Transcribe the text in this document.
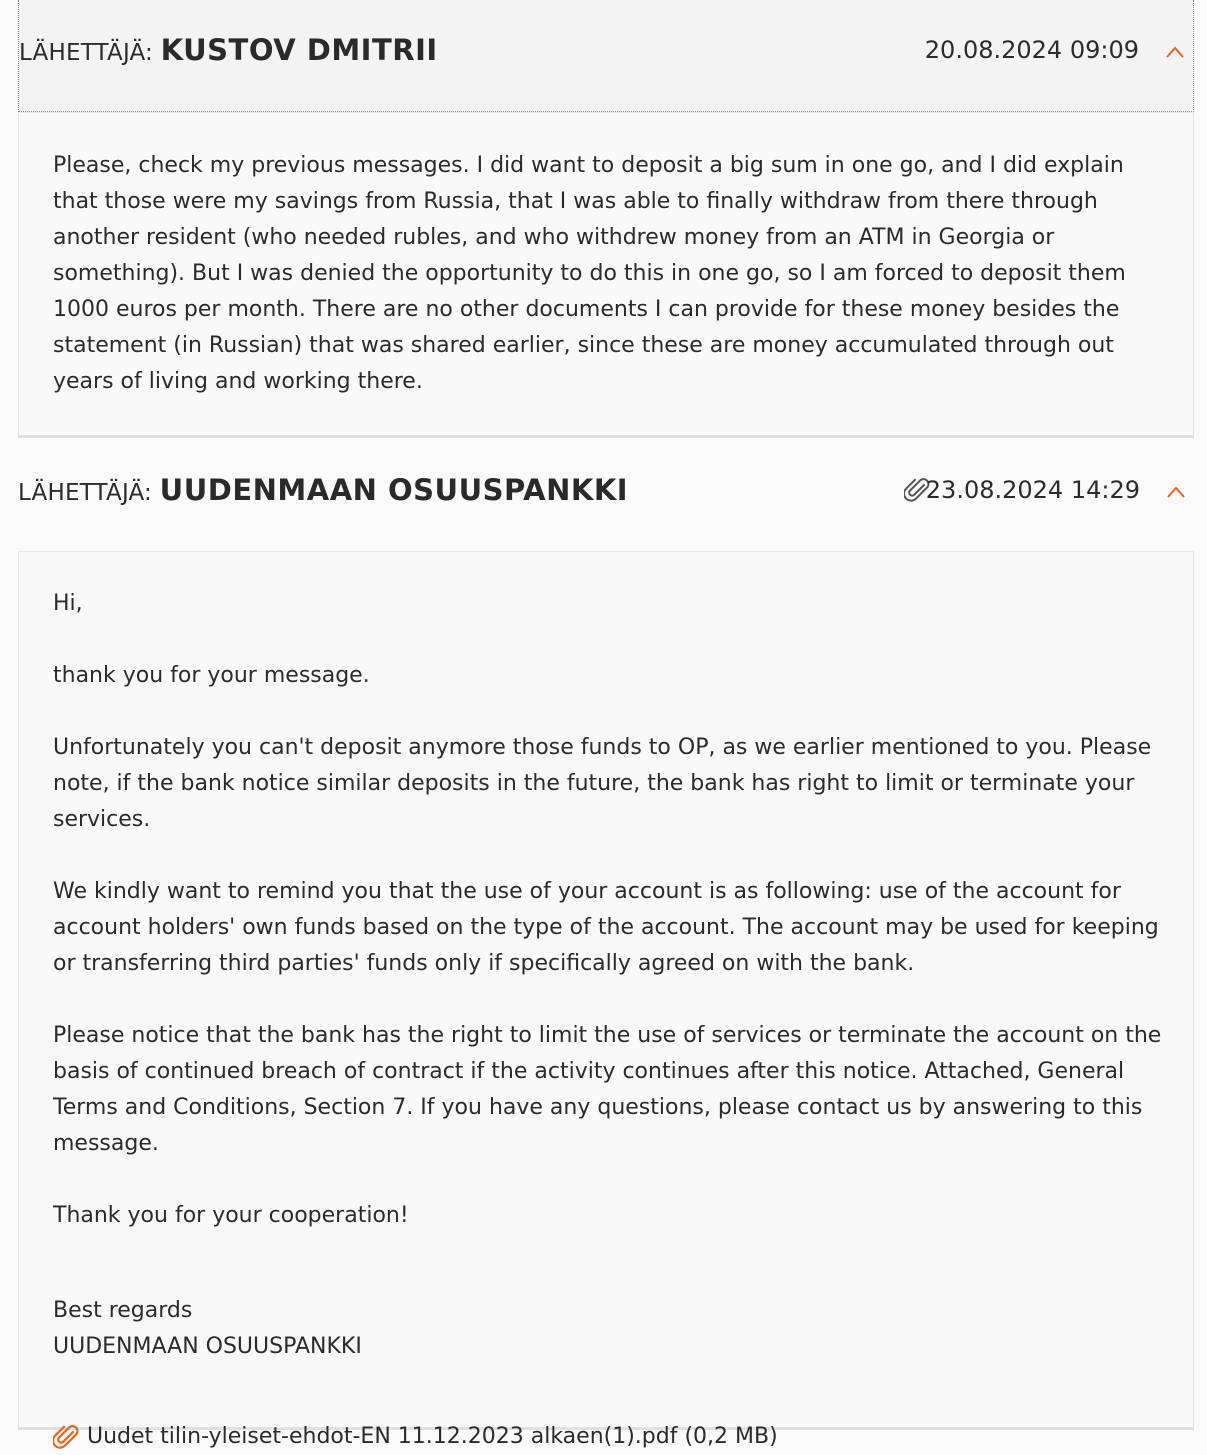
LÄHETTÄJÄ: KUSTOV DMITRII	20.08.2024 09:09
LÄHETTÄJÄ: UUDENMAAN OSUUSPANKKI	23.08.2024 14:29

Please, check my previous messages. I did want to deposit a big sum in one go, and I did explain that those were my savings from Russia, that I was able to finally withdraw from there through another resident (who needed rubles, and who withdrew money from an ATM in Georgia or something). But I was denied the opportunity to do this in one go, so I am forced to deposit them 1000 euros per month. There are no other documents I can provide for these money besides the statement (in Russian) that was shared earlier, since these are money accumulated through out years of living and working there.

Hi,

thank you for your message.

Unfortunately you can't deposit anymore those funds to OP, as we earlier mentioned to you. Please note, if the bank notice similar deposits in the future, the bank has right to limit or terminate your services.

We kindly want to remind you that the use of your account is as following: use of the account for account holders' own funds based on the type of the account. The account may be used for keeping or transferring third parties' funds only if specifically agreed on with the bank.

Please notice that the bank has the right to limit the use of services or terminate the account on the basis of continued breach of contract if the activity continues after this notice. Attached, General Terms and Conditions, Section 7. If you have any questions, please contact us by answering to this message.

Thank you for your cooperation!

Best regards

UUDENMAAN OSUUSPANKKI

Uudet tilin-yleiset-ehdot-EN 11.12.2023 alkaen(1).pdf (0,2 MB)
